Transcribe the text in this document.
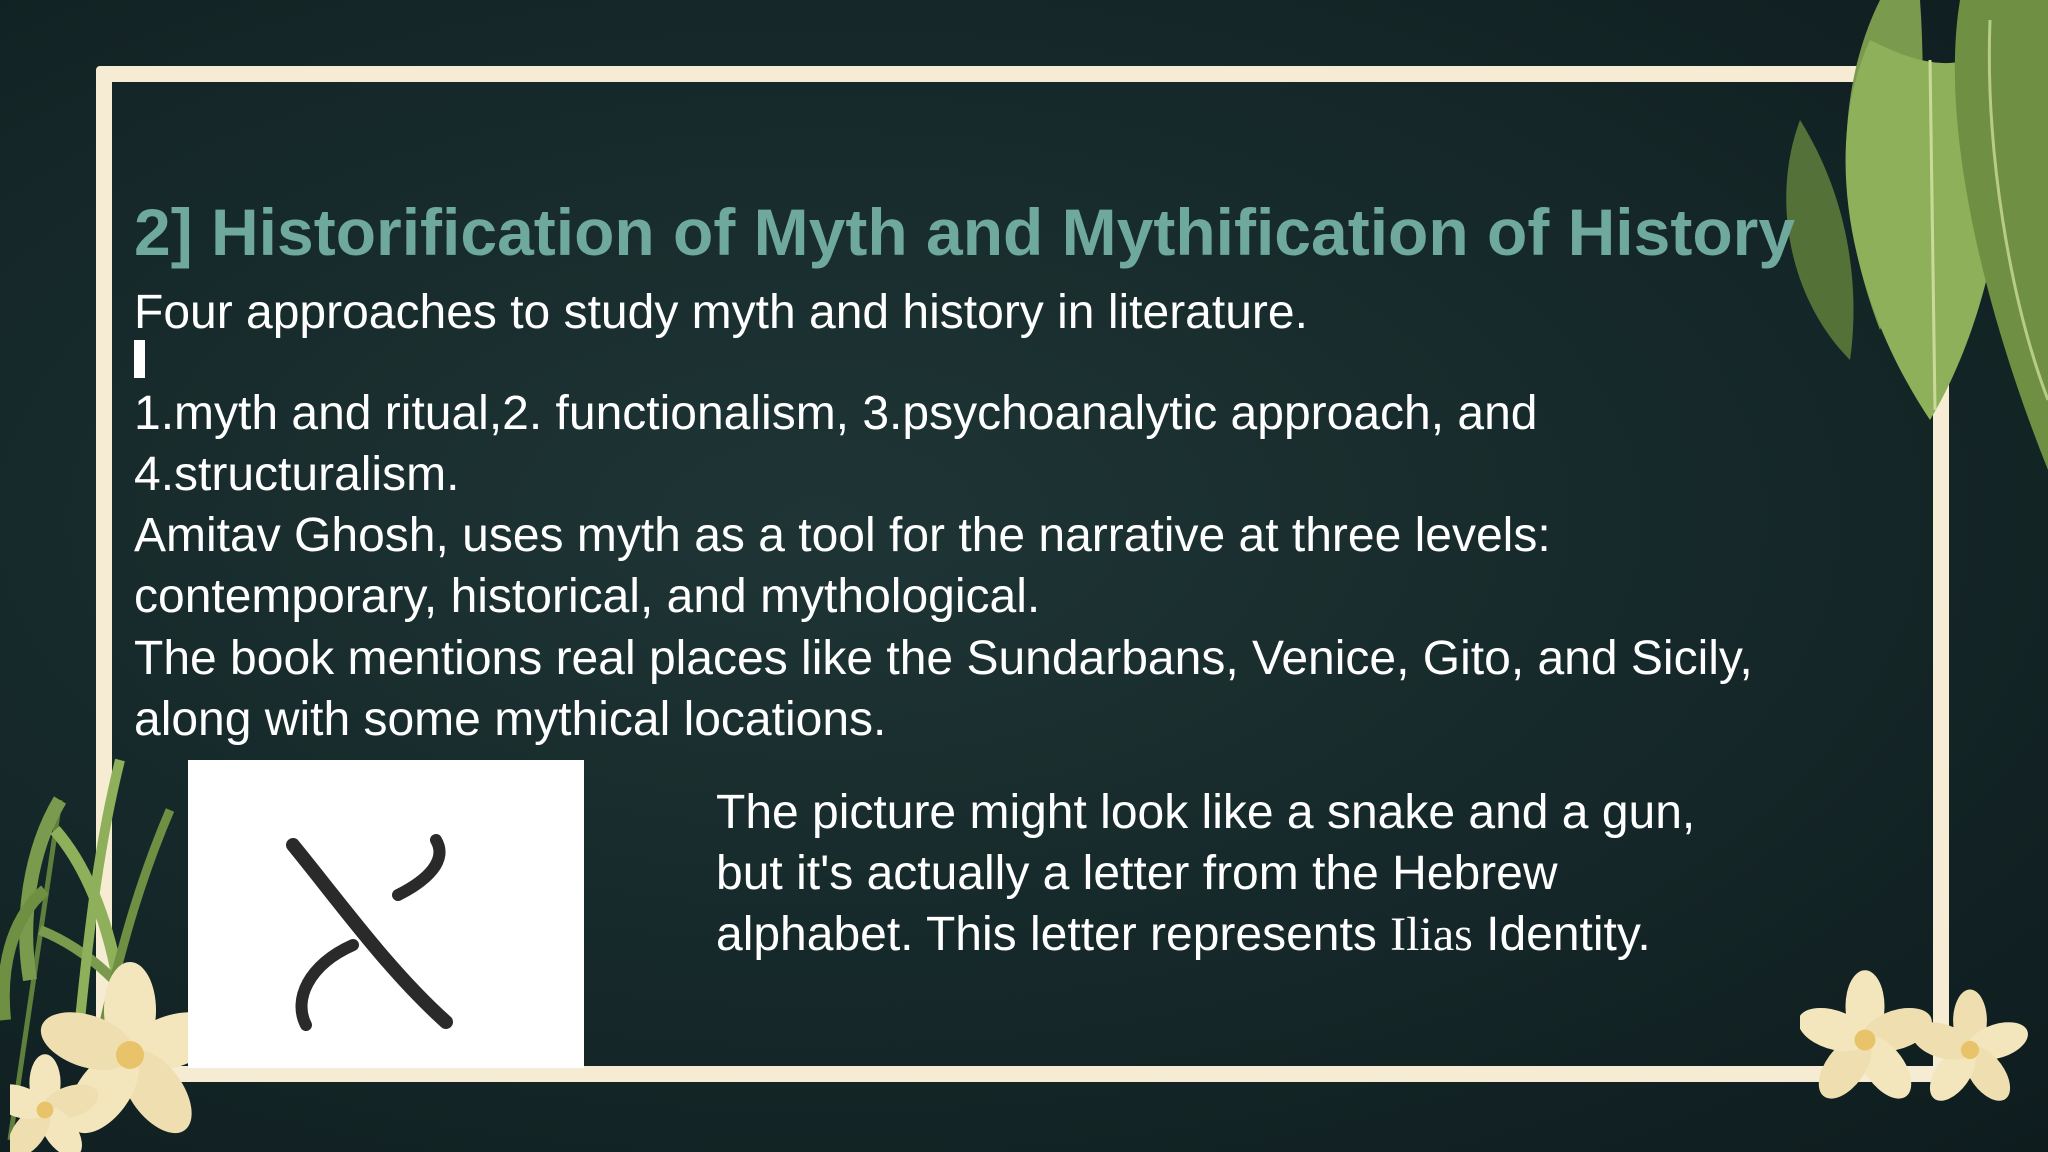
2] Historification of Myth and Mythification of History
Four approaches to study myth and history in literature.
1.myth and ritual,2. functionalism, 3.psychoanalytic approach, and
4.structuralism.
Amitav Ghosh, uses myth as a tool for the narrative at three levels:
contemporary, historical, and mythological.
The book mentions real places like the Sundarbans, Venice, Gito, and Sicily,
along with some mythical locations.
The picture might look like a snake and a gun,
but it's actually a letter from the Hebrew
alphabet. This letter represents Ilias Identity.
